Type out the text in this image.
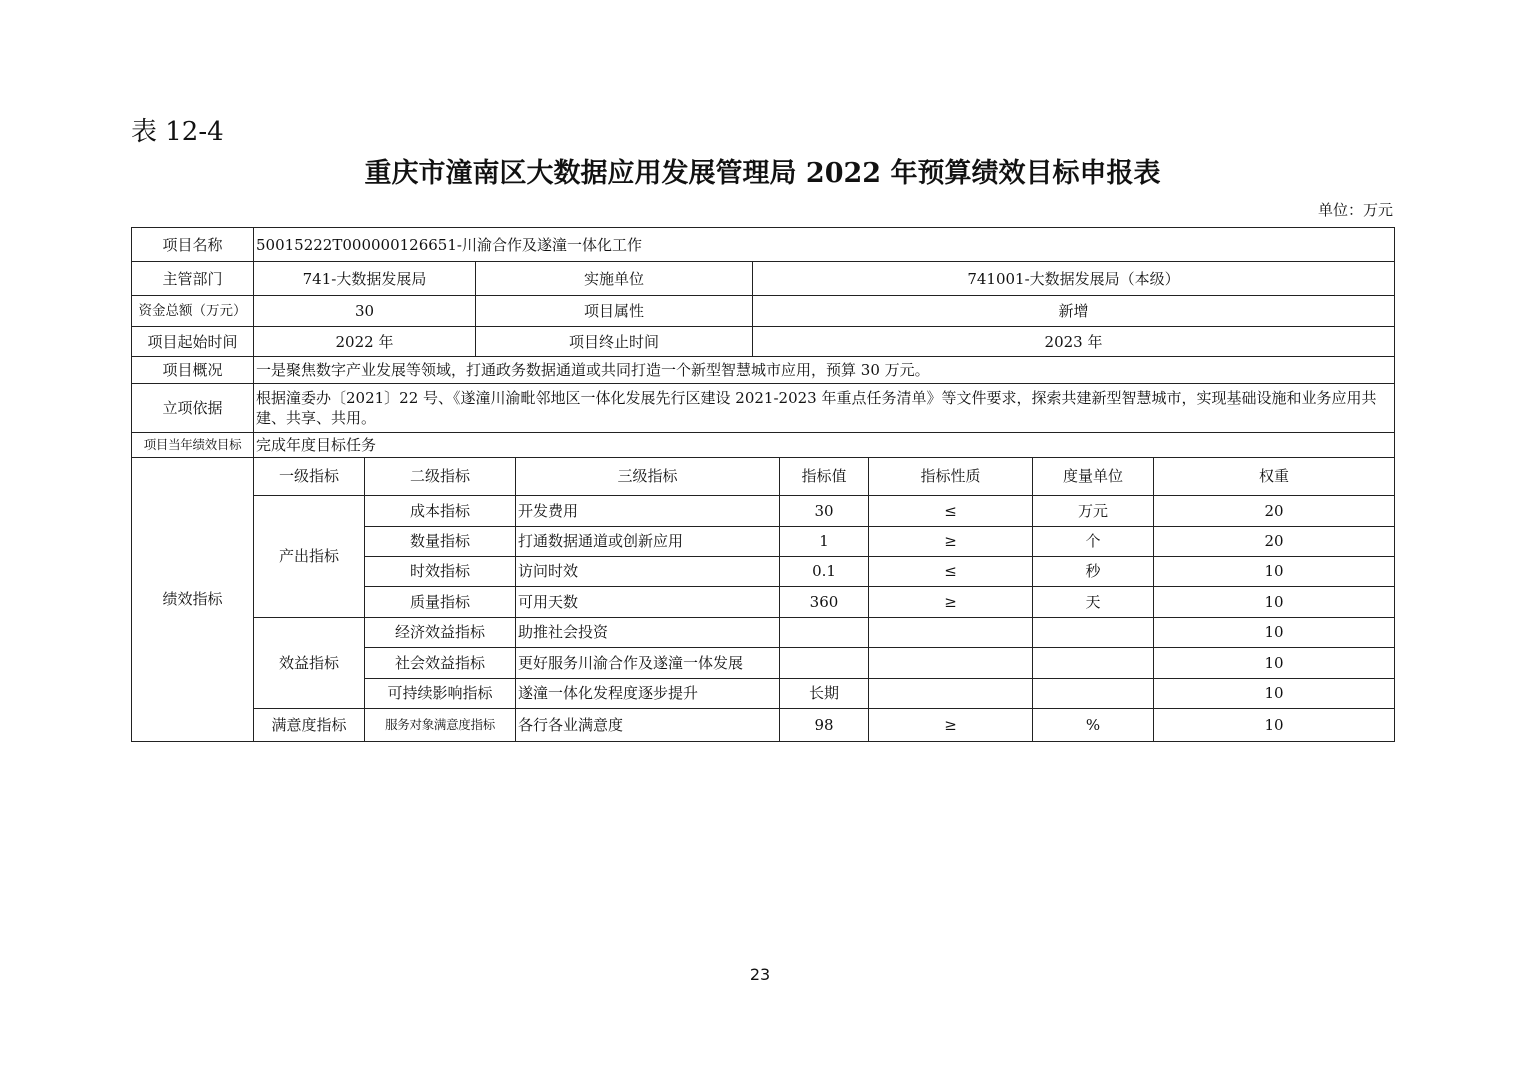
表 12-4
重庆市潼南区大数据应用发展管理局 2022 年预算绩效目标申报表
单位：万元
项目名称	50015222T000000126651-川渝合作及遂潼一体化工作		
主管部门	741-大数据发展局	实施单位	741001-大数据发展局（本级）
资金总额（万元）	30	项目属性	新增
项目起始时间	2022 年	项目终止时间	2023 年
项目概况	一是聚焦数字产业发展等领域，打通政务数据通道或共同打造一个新型智慧城市应用，预算 30 万元。		
立项依据	根据潼委办〔2021〕22 号、《遂潼川渝毗邻地区一体化发展先行区建设 2021-2023 年重点任务清单》等文件要求，探索共建新型智慧城市，实现基础设施和业务应用共建、共享、共用。		
项目当年绩效目标	完成年度目标任务		
绩效指标	一级指标	二级指标	三级指标	指标值	指标性质	度量单位	权重
	产出指标	成本指标	开发费用	30	≤	万元	20
		数量指标	打通数据通道或创新应用	1	≥	个	20
		时效指标	访问时效	0.1	≤	秒	10
		质量指标	可用天数	360	≥	天	10
	效益指标	经济效益指标	助推社会投资				10
		社会效益指标	更好服务川渝合作及遂潼一体发展				10
		可持续影响指标	遂潼一体化发程度逐步提升	长期			10
	满意度指标	服务对象满意度指标	各行各业满意度	98	≥	%	10
23
